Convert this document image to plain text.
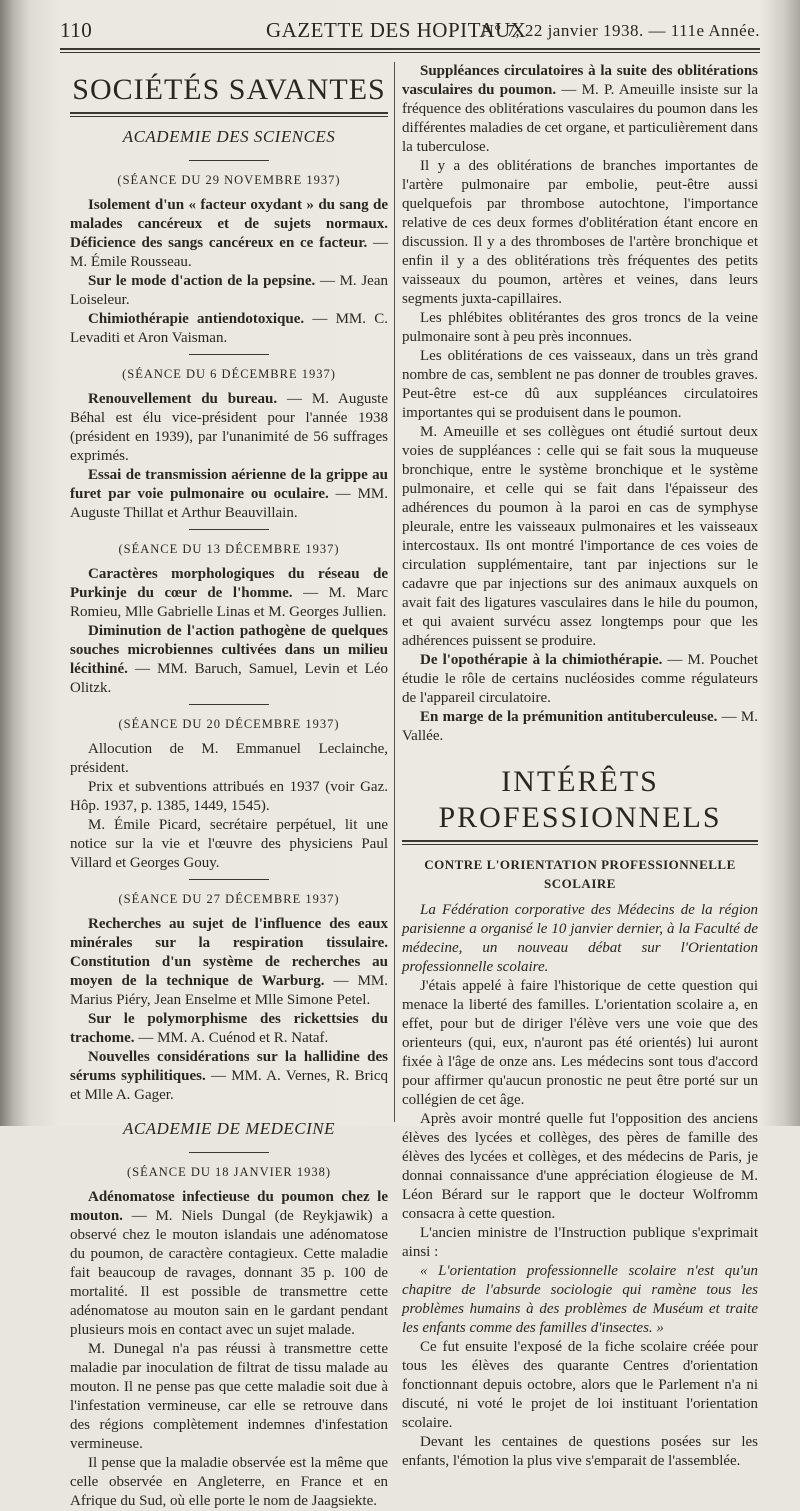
110	GAZETTE DES HOPITAUX
N° 7, 22 janvier 1938. — 111e Année.
SOCIÉTÉS SAVANTES
ACADEMIE DES SCIENCES
(SÉANCE DU 29 NOVEMBRE 1937)

Isolement d'un « facteur oxydant » du sang de malades cancéreux et de sujets normaux. Déficience des sangs cancéreux en ce facteur. — M. Émile Rousseau.

Sur le mode d'action de la pepsine. — M. Jean Loiseleur.

Chimiothérapie antiendotoxique. — MM. C. Levaditi et Aron Vaisman.

(SÉANCE DU 6 DÉCEMBRE 1937)

Renouvellement du bureau. — M. Auguste Béhal est élu vice-président pour l'année 1938 (président en 1939), par l'unanimité de 56 suffrages exprimés.

Essai de transmission aérienne de la grippe au furet par voie pulmonaire ou oculaire. — MM. Auguste Thillat et Arthur Beauvillain.

(SÉANCE DU 13 DÉCEMBRE 1937)

Caractères morphologiques du réseau de Purkinje du cœur de l'homme. — M. Marc Romieu, Mlle Gabrielle Linas et M. Georges Jullien.

Diminution de l'action pathogène de quelques souches microbiennes cultivées dans un milieu lécithiné. — MM. Baruch, Samuel, Levin et Léo Olitzk.

(SÉANCE DU 20 DÉCEMBRE 1937)

Allocution de M. Emmanuel Leclainche, président.

Prix et subventions attribués en 1937 (voir Gaz. Hôp. 1937, p. 1385, 1449, 1545).

M. Émile Picard, secrétaire perpétuel, lit une notice sur la vie et l'œuvre des physiciens Paul Villard et Georges Gouy.

(SÉANCE DU 27 DÉCEMBRE 1937)

Recherches au sujet de l'influence des eaux minérales sur la respiration tissulaire. Constitution d'un système de recherches au moyen de la technique de Warburg. — MM. Marius Piéry, Jean Enselme et Mlle Simone Petel.

Sur le polymorphisme des rickettsies du trachome. — MM. A. Cuénod et R. Nataf.

Nouvelles considérations sur la hallidine des sérums syphilitiques. — MM. A. Vernes, R. Bricq et Mlle A. Gager.

ACADEMIE DE MEDECINE
(SÉANCE DU 18 JANVIER 1938)

Adénomatose infectieuse du poumon chez le mouton. — M. Niels Dungal (de Reykjawik) a observé chez le mouton islandais une adénomatose du poumon, de caractère contagieux. Cette maladie fait beaucoup de ravages, donnant 35 p. 100 de mortalité. Il est possible de transmettre cette adénomatose au mouton sain en le gardant pendant plusieurs mois en contact avec un sujet malade.

M. Dunegal n'a pas réussi à transmettre cette maladie par inoculation de filtrat de tissu malade au mouton. Il ne pense pas que cette maladie soit due à l'infestation vermineuse, car elle se retrouve dans des régions complètement indemnes d'infestation vermineuse.

Il pense que la maladie observée est la même que celle observée en Angleterre, en France et en Afrique du Sud, où elle porte le nom de Jaagsiekte.

Suppléances circulatoires à la suite des oblitérations vasculaires du poumon. — M. P. Ameuille insiste sur la fréquence des oblitérations vasculaires du poumon dans les différentes maladies de cet organe, et particulièrement dans la tuberculose.

Il y a des oblitérations de branches importantes de l'artère pulmonaire par embolie, peut-être aussi quelquefois par thrombose autochtone, l'importance relative de ces deux formes d'oblitération étant encore en discussion. Il y a des thromboses de l'artère bronchique et enfin il y a des oblitérations très fréquentes des petits vaisseaux du poumon, artères et veines, dans leurs segments juxta-capillaires.

Les phlébites oblitérantes des gros troncs de la veine pulmonaire sont à peu près inconnues.

Les oblitérations de ces vaisseaux, dans un très grand nombre de cas, semblent ne pas donner de troubles graves. Peut-être est-ce dû aux suppléances circulatoires importantes qui se produisent dans le poumon.

M. Ameuille et ses collègues ont étudié surtout deux voies de suppléances : celle qui se fait sous la muqueuse bronchique, entre le système bronchique et le système pulmonaire, et celle qui se fait dans l'épaisseur des adhérences du poumon à la paroi en cas de symphyse pleurale, entre les vaisseaux pulmonaires et les vaisseaux intercostaux. Ils ont montré l'importance de ces voies de circulation supplémentaire, tant par injections sur le cadavre que par injections sur des animaux auxquels on avait fait des ligatures vasculaires dans le hile du poumon, et qui avaient survécu assez longtemps pour que les adhérences puissent se produire.

De l'opothérapie à la chimiothérapie. — M. Pouchet étudie le rôle de certains nucléosides comme régulateurs de l'appareil circulatoire.

En marge de la prémunition antituberculeuse. — M. Vallée.

INTÉRÊTS PROFESSIONNELS
CONTRE L'ORIENTATION PROFESSIONNELLE SCOLAIRE

La Fédération corporative des Médecins de la région parisienne a organisé le 10 janvier dernier, à la Faculté de médecine, un nouveau débat sur l'Orientation professionnelle scolaire.

J'étais appelé à faire l'historique de cette question qui menace la liberté des familles. L'orientation scolaire a, en effet, pour but de diriger l'élève vers une voie que des orienteurs (qui, eux, n'auront pas été orientés) lui auront fixée à l'âge de onze ans. Les médecins sont tous d'accord pour affirmer qu'aucun pronostic ne peut être porté sur un collégien de cet âge.

Après avoir montré quelle fut l'opposition des anciens élèves des lycées et collèges, des pères de famille des élèves des lycées et collèges, et des médecins de Paris, je donnai connaissance d'une appréciation élogieuse de M. Léon Bérard sur le rapport que le docteur Wolfromm consacra à cette question.

L'ancien ministre de l'Instruction publique s'exprimait ainsi :

« L'orientation professionnelle scolaire n'est qu'un chapitre de l'absurde sociologie qui ramène tous les problèmes humains à des problèmes de Muséum et traite les enfants comme des familles d'insectes. »

Ce fut ensuite l'exposé de la fiche scolaire créée pour tous les élèves des quarante Centres d'orientation fonctionnant depuis octobre, alors que le Parlement n'a ni discuté, ni voté le projet de loi instituant l'orientation scolaire.

Devant les centaines de questions posées sur les enfants, l'émotion la plus vive s'emparait de l'assemblée.
